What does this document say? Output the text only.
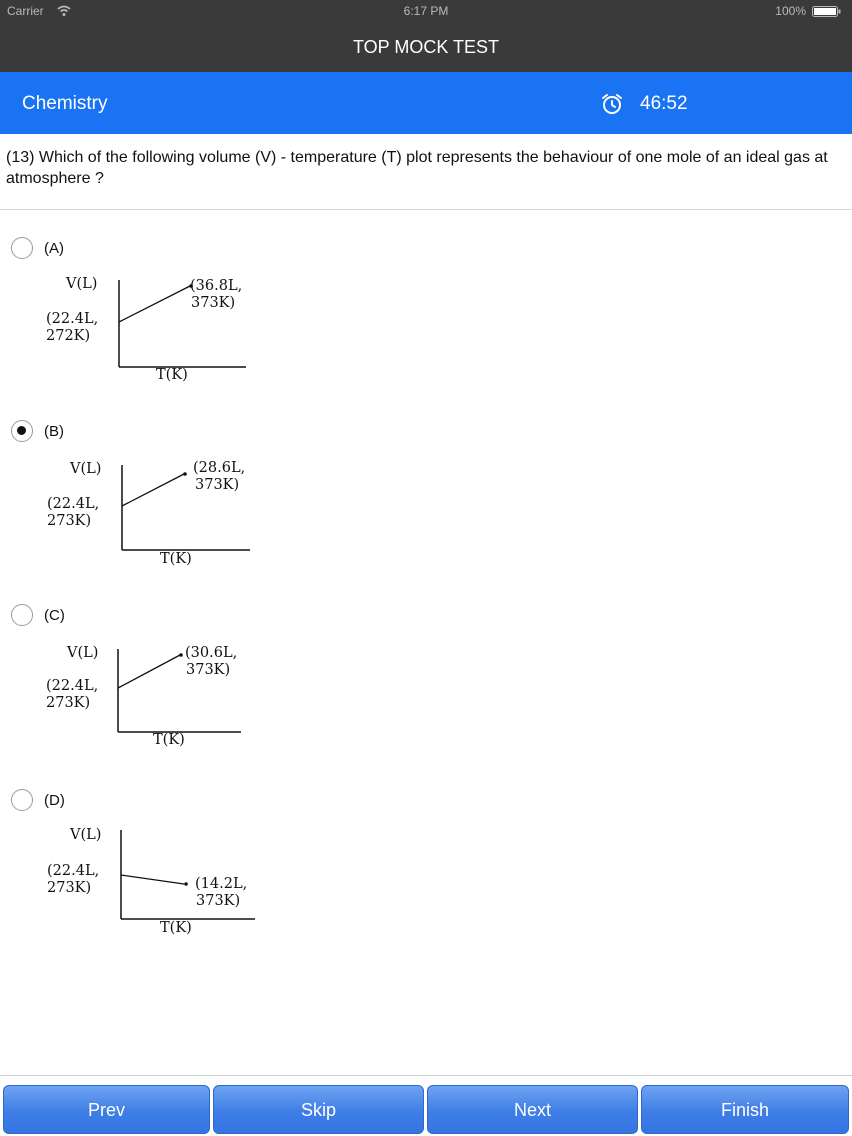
Carrier	6:17 PM	100%
TOP MOCK TEST
Chemistry	46:52
(13) Which of the following volume (V) - temperature (T) plot represents the behaviour of one mole of an ideal gas at atmosphere ?
(A)
V(L)
T(K)
(22.4L,
272K)
(36.8L,
373K)
(B)
V(L)
T(K)
(22.4L,
273K)
(28.6L,
373K)
(C)
V(L)
T(K)
(22.4L,
273K)
(30.6L,
373K)
(D)
V(L)
T(K)
(22.4L,
273K)	(14.2L,
373K)
Prev	Skip	Next	Finish
